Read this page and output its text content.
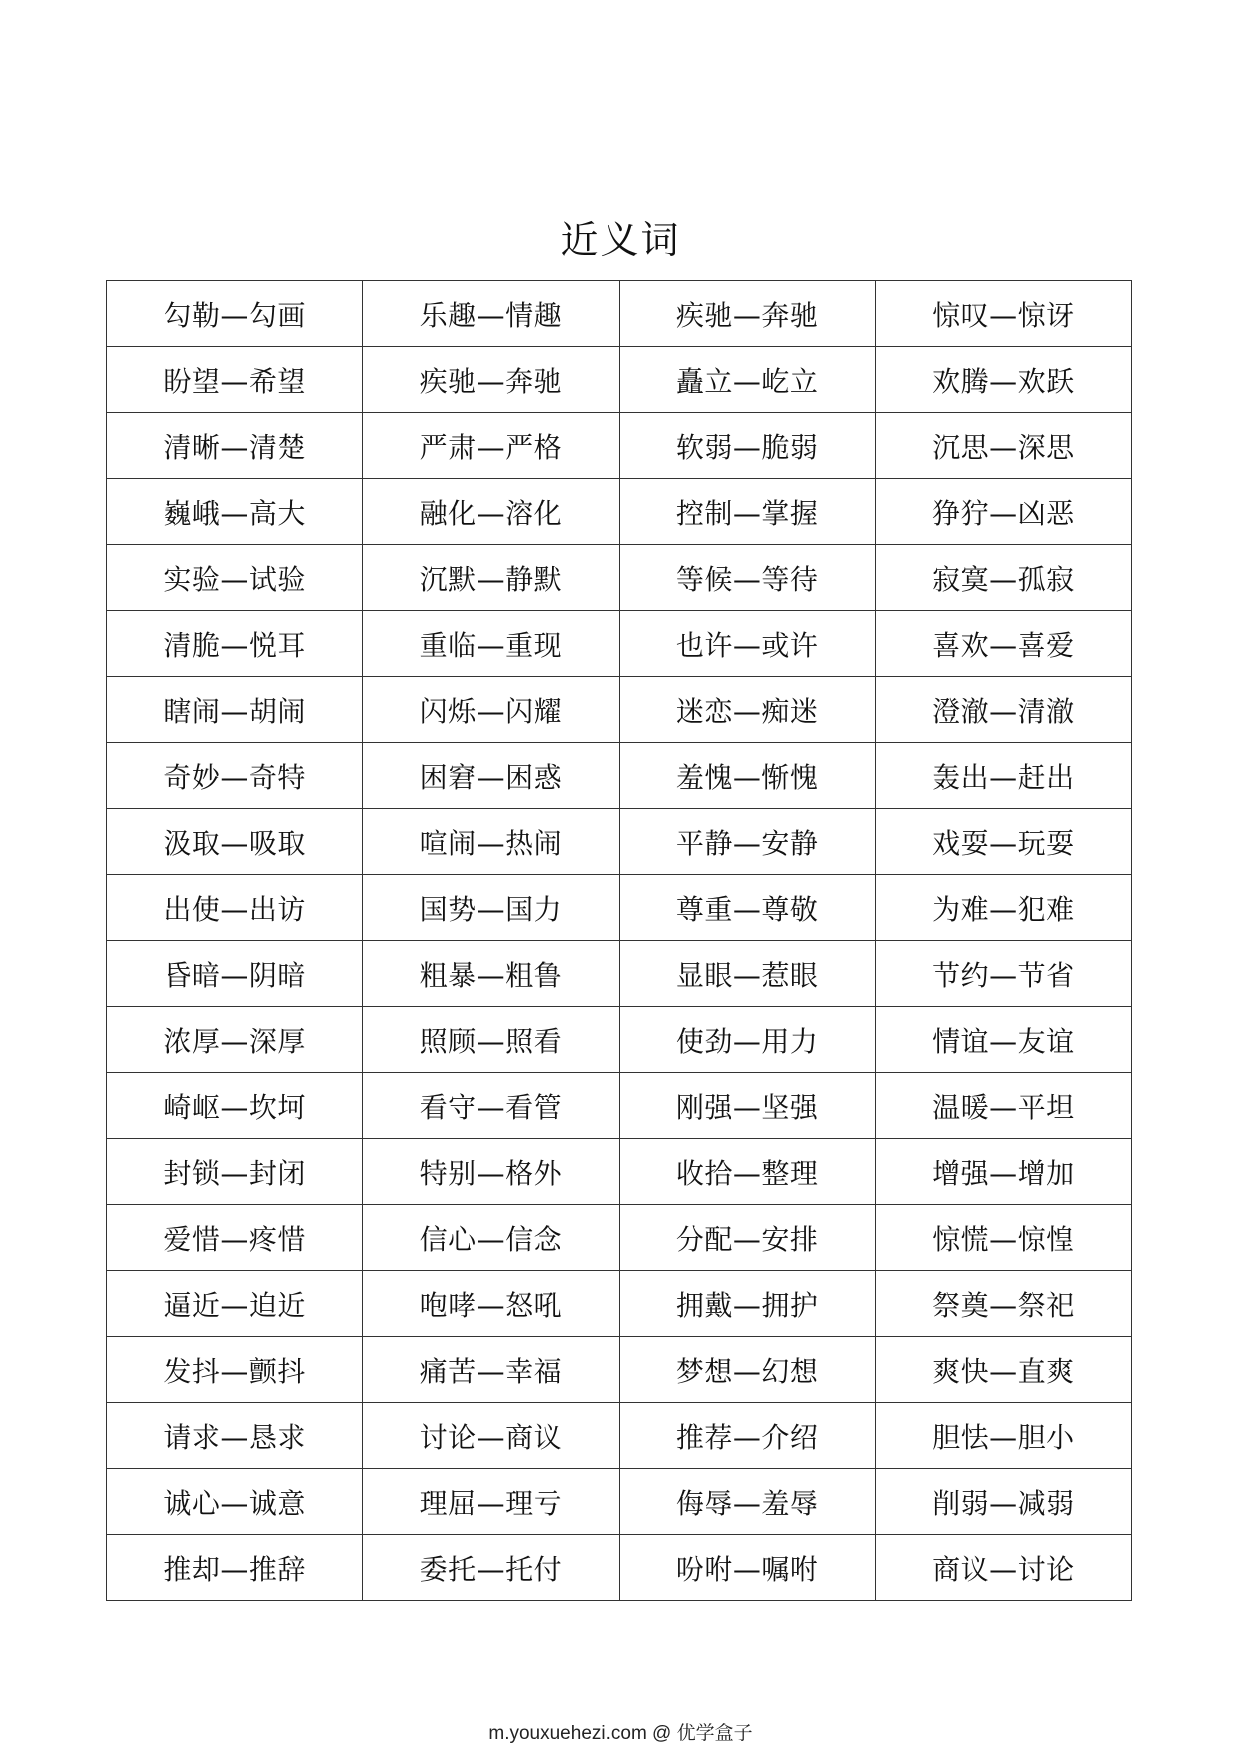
近义词
勾勒—勾画	乐趣—情趣	疾驰—奔驰	惊叹—惊讶
盼望—希望	疾驰—奔驰	矗立—屹立	欢腾—欢跃
清晰—清楚	严肃—严格	软弱—脆弱	沉思—深思
巍峨—高大	融化—溶化	控制—掌握	狰狞—凶恶
实验—试验	沉默—静默	等候—等待	寂寞—孤寂
清脆—悦耳	重临—重现	也许—或许	喜欢—喜爱
瞎闹—胡闹	闪烁—闪耀	迷恋—痴迷	澄澈—清澈
奇妙—奇特	困窘—困惑	羞愧—惭愧	轰出—赶出
汲取—吸取	喧闹—热闹	平静—安静	戏耍—玩耍
出使—出访	国势—国力	尊重—尊敬	为难—犯难
昏暗—阴暗	粗暴—粗鲁	显眼—惹眼	节约—节省
浓厚—深厚	照顾—照看	使劲—用力	情谊—友谊
崎岖—坎坷	看守—看管	刚强—坚强	温暖—平坦
封锁—封闭	特别—格外	收拾—整理	增强—增加
爱惜—疼惜	信心—信念	分配—安排	惊慌—惊惶
逼近—迫近	咆哮—怒吼	拥戴—拥护	祭奠—祭祀
发抖—颤抖	痛苦—幸福	梦想—幻想	爽快—直爽
请求—恳求	讨论—商议	推荐—介绍	胆怯—胆小
诚心—诚意	理屈—理亏	侮辱—羞辱	削弱—减弱
推却—推辞	委托—托付	吩咐—嘱咐	商议—讨论
m.youxuehezi.com @ 优学盒子
